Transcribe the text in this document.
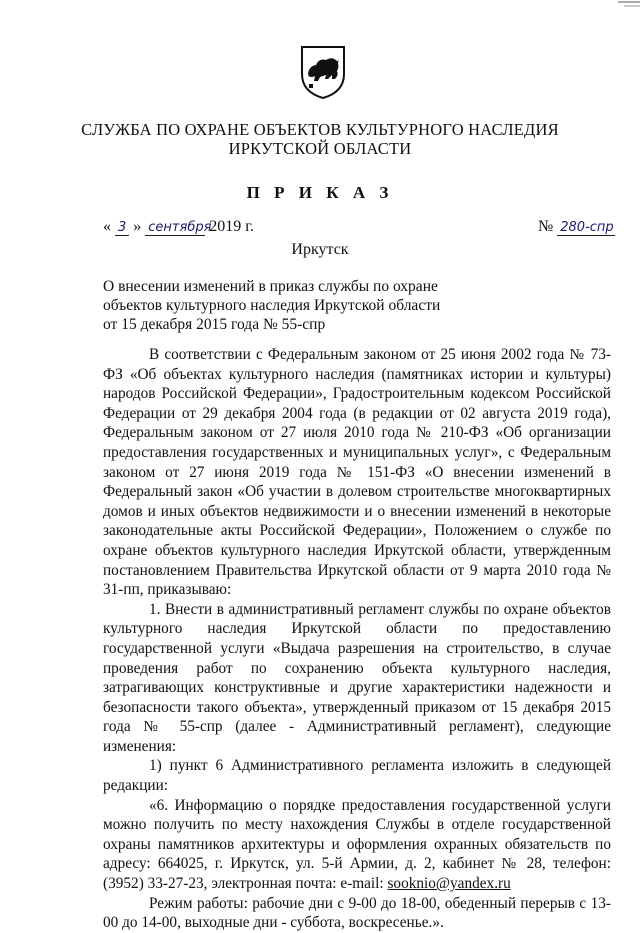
СЛУЖБА ПО ОХРАНЕ ОБЪЕКТОВ КУЛЬТУРНОГО НАСЛЕДИЯ
ИРКУТСКОЙ ОБЛАСТИ
П Р И К А З
« 3 » сентября 2019 г.	№ 280-спр
Иркутск
О внесении изменений в приказ службы по охране
объектов культурного наследия Иркутской области
от 15 декабря 2015 года № 55-спр

В соответствии с Федеральным законом от 25 июня 2002 года № 73-ФЗ «Об объектах культурного наследия (памятниках истории и культуры) народов Российской Федерации», Градостроительным кодексом Российской Федерации от 29 декабря 2004 года (в редакции от 02 августа 2019 года), Федеральным законом от 27 июля 2010 года № 210-ФЗ «Об организации предоставления государственных и муниципальных услуг», с Федеральным законом от 27 июня 2019 года № 151-ФЗ «О внесении изменений в Федеральный закон «Об участии в долевом строительстве многоквартирных домов и иных объектов недвижимости и о внесении изменений в некоторые законодательные акты Российской Федерации», Положением о службе по охране объектов культурного наследия Иркутской области, утвержденным постановлением Правительства Иркутской области от 9 марта 2010 года № 31-пп, приказываю:

1. Внести в административный регламент службы по охране объектов культурного наследия Иркутской области по предоставлению государственной услуги «Выдача разрешения на строительство, в случае проведения работ по сохранению объекта культурного наследия, затрагивающих конструктивные и другие характеристики надежности и безопасности такого объекта», утвержденный приказом от 15 декабря 2015 года № 55-спр (далее - Административный регламент), следующие изменения:

1) пункт 6 Административного регламента изложить в следующей редакции:

«6. Информацию о порядке предоставления государственной услуги можно получить по месту нахождения Службы в отделе государственной охраны памятников архитектуры и оформления охранных обязательств по адресу: 664025, г. Иркутск, ул. 5-й Армии, д. 2, кабинет № 28, телефон: (3952) 33-27-23, электронная почта: e-mail: sooknio@yandex.ru

Режим работы: рабочие дни с 9-00 до 18-00, обеденный перерыв с 13-00 до 14-00, выходные дни - суббота, воскресенье.».
